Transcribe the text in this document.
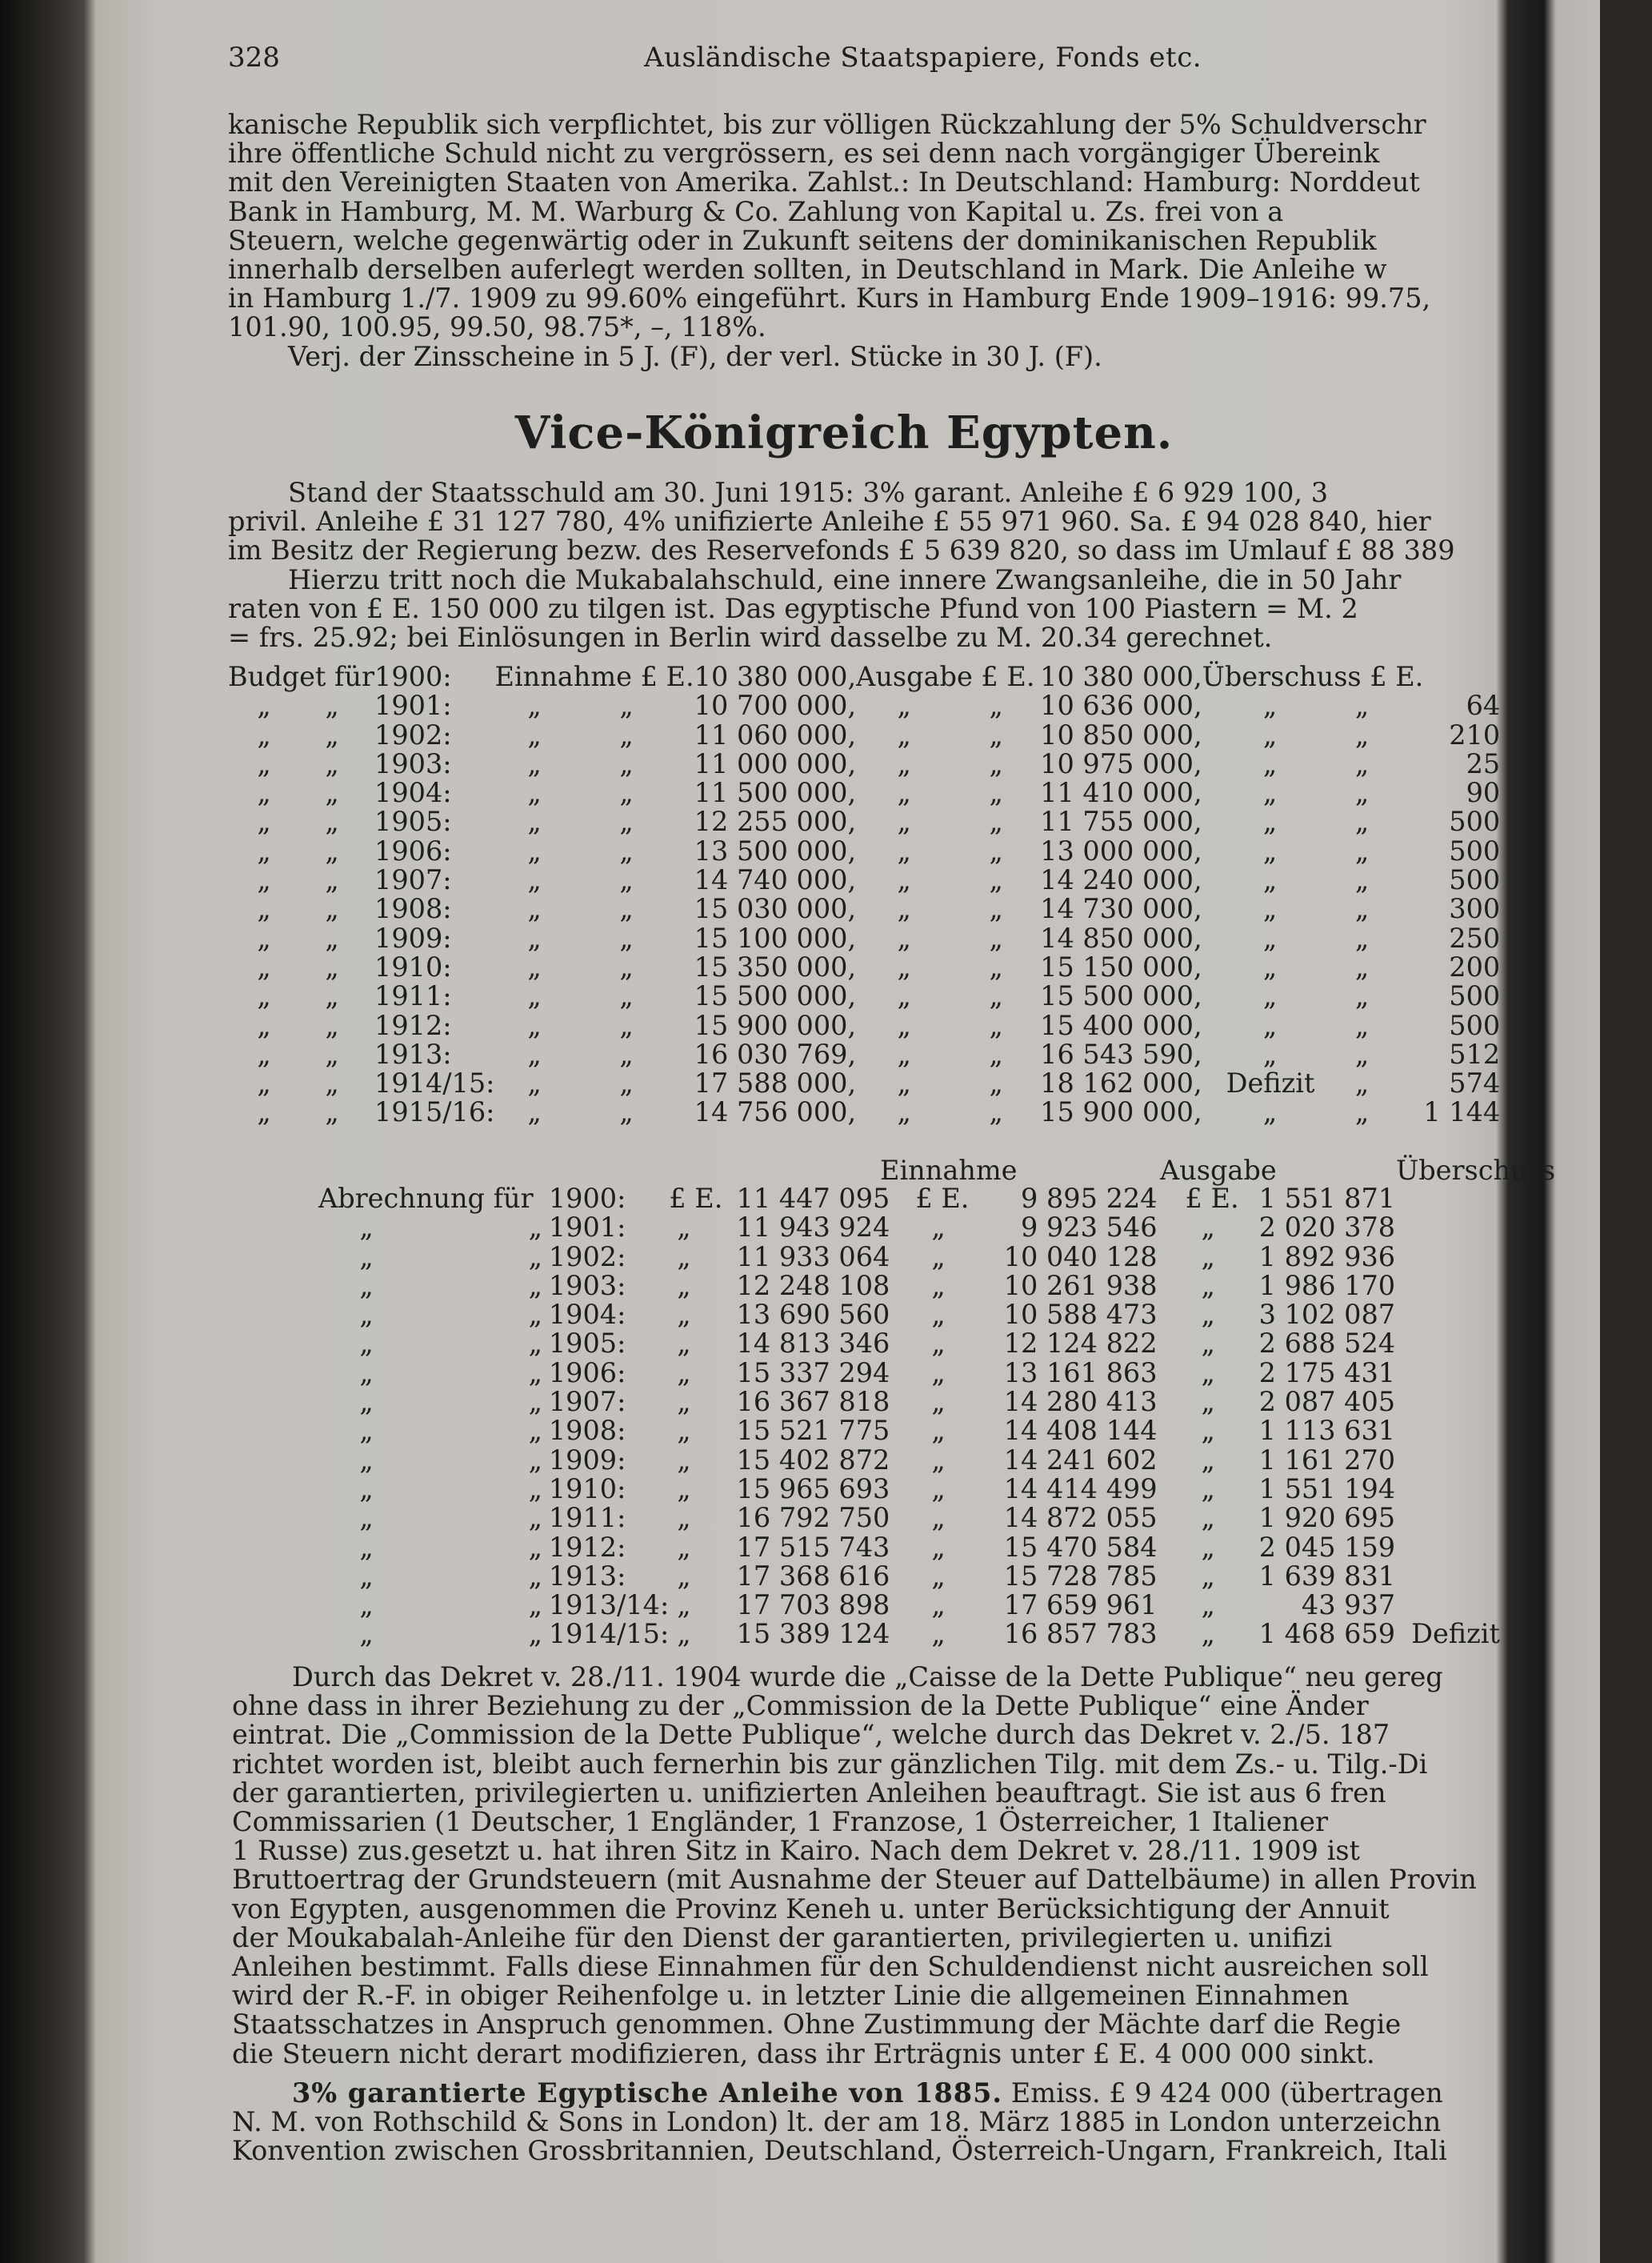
328	Ausländische Staatspapiere, Fonds etc.

kanische Republik sich verpflichtet, bis zur völligen Rückzahlung der 5% Schuldverschr

ihre öffentliche Schuld nicht zu vergrössern, es sei denn nach vorgängiger Übereink

mit den Vereinigten Staaten von Amerika. Zahlst.: In Deutschland: Hamburg: Norddeut

Bank in Hamburg, M. M. Warburg & Co. Zahlung von Kapital u. Zs. frei von a

Steuern, welche gegenwärtig oder in Zukunft seitens der dominikanischen Republik

innerhalb derselben auferlegt werden sollten, in Deutschland in Mark. Die Anleihe w

in Hamburg 1./7. 1909 zu 99.60% eingeführt. Kurs in Hamburg Ende 1909–1916: 99.75,

101.90, 100.95, 99.50, 98.75*, –, 118%.

Verj. der Zinsscheine in 5 J. (F), der verl. Stücke in 30 J. (F).

Vice-Königreich Egypten.

Stand der Staatsschuld am 30. Juni 1915: 3% garant. Anleihe £ 6 929 100, 3

privil. Anleihe £ 31 127 780, 4% unifizierte Anleihe £ 55 971 960. Sa. £ 94 028 840, hier

im Besitz der Regierung bezw. des Reservefonds £ 5 639 820, so dass im Umlauf £ 88 389

Hierzu tritt noch die Mukabalahschuld, eine innere Zwangsanleihe, die in 50 Jahr

raten von £ E. 150 000 zu tilgen ist. Das egyptische Pfund von 100 Piastern = M. 2

= frs. 25.92; bei Einlösungen in Berlin wird dasselbe zu M. 20.34 gerechnet.

Budget für	1900:	Einnahme £ E.	10 380 000,	Ausgabe £ E.	10 380 000,	Überschuss £ E.	
„ „	1901:	„ „	10 700 000,	„ „	10 636 000,	„ „	64
„ „	1902:	„ „	11 060 000,	„ „	10 850 000,	„ „	210
„ „	1903:	„ „	11 000 000,	„ „	10 975 000,	„ „	25
„ „	1904:	„ „	11 500 000,	„ „	11 410 000,	„ „	90
„ „	1905:	„ „	12 255 000,	„ „	11 755 000,	„ „	500
„ „	1906:	„ „	13 500 000,	„ „	13 000 000,	„ „	500
„ „	1907:	„ „	14 740 000,	„ „	14 240 000,	„ „	500
„ „	1908:	„ „	15 030 000,	„ „	14 730 000,	„ „	300
„ „	1909:	„ „	15 100 000,	„ „	14 850 000,	„ „	250
„ „	1910:	„ „	15 350 000,	„ „	15 150 000,	„ „	200
„ „	1911:	„ „	15 500 000,	„ „	15 500 000,	„ „	500
„ „	1912:	„ „	15 900 000,	„ „	15 400 000,	„ „	500
„ „	1913:	„ „	16 030 769,	„ „	16 543 590,	„ „	512
„ „	1914/15:	„ „	17 588 000,	„ „	18 162 000,	Defizit „	574
„ „	1915/16:	„ „	14 756 000,	„ „	15 900 000,	„ „	1 144
Einnahme	Ausgabe	Überschuss
Abrechnung für	1900:	£ E.	11 447 095	£ E.	9 895 224	£ E.	1 551 871	
„ „	1901:	„	11 943 924	„	9 923 546	„	2 020 378	
„ „	1902:	„	11 933 064	„	10 040 128	„	1 892 936	
„ „	1903:	„	12 248 108	„	10 261 938	„	1 986 170	
„ „	1904:	„	13 690 560	„	10 588 473	„	3 102 087	
„ „	1905:	„	14 813 346	„	12 124 822	„	2 688 524	
„ „	1906:	„	15 337 294	„	13 161 863	„	2 175 431	
„ „	1907:	„	16 367 818	„	14 280 413	„	2 087 405	
„ „	1908:	„	15 521 775	„	14 408 144	„	1 113 631	
„ „	1909:	„	15 402 872	„	14 241 602	„	1 161 270	
„ „	1910:	„	15 965 693	„	14 414 499	„	1 551 194	
„ „	1911:	„	16 792 750	„	14 872 055	„	1 920 695	
„ „	1912:	„	17 515 743	„	15 470 584	„	2 045 159	
„ „	1913:	„	17 368 616	„	15 728 785	„	1 639 831	
„ „	1913/14:	„	17 703 898	„	17 659 961	„	43 937	
„ „	1914/15:	„	15 389 124	„	16 857 783	„	1 468 659	Defizit

Durch das Dekret v. 28./11. 1904 wurde die „Caisse de la Dette Publique“ neu gereg

ohne dass in ihrer Beziehung zu der „Commission de la Dette Publique“ eine Änder

eintrat. Die „Commission de la Dette Publique“, welche durch das Dekret v. 2./5. 187

richtet worden ist, bleibt auch fernerhin bis zur gänzlichen Tilg. mit dem Zs.- u. Tilg.-Di

der garantierten, privilegierten u. unifizierten Anleihen beauftragt. Sie ist aus 6 fren

Commissarien (1 Deutscher, 1 Engländer, 1 Franzose, 1 Österreicher, 1 Italiener

1 Russe) zus.gesetzt u. hat ihren Sitz in Kairo. Nach dem Dekret v. 28./11. 1909 ist

Bruttoertrag der Grundsteuern (mit Ausnahme der Steuer auf Dattelbäume) in allen Provin

von Egypten, ausgenommen die Provinz Keneh u. unter Berücksichtigung der Annuit

der Moukabalah-Anleihe für den Dienst der garantierten, privilegierten u. unifizi

Anleihen bestimmt. Falls diese Einnahmen für den Schuldendienst nicht ausreichen soll

wird der R.-F. in obiger Reihenfolge u. in letzter Linie die allgemeinen Einnahmen

Staatsschatzes in Anspruch genommen. Ohne Zustimmung der Mächte darf die Regie

die Steuern nicht derart modifizieren, dass ihr Erträgnis unter £ E. 4 000 000 sinkt.

3% garantierte Egyptische Anleihe von 1885. Emiss. £ 9 424 000 (übertragen

N. M. von Rothschild & Sons in London) lt. der am 18. März 1885 in London unterzeichn

Konvention zwischen Grossbritannien, Deutschland, Österreich-Ungarn, Frankreich, Itali
